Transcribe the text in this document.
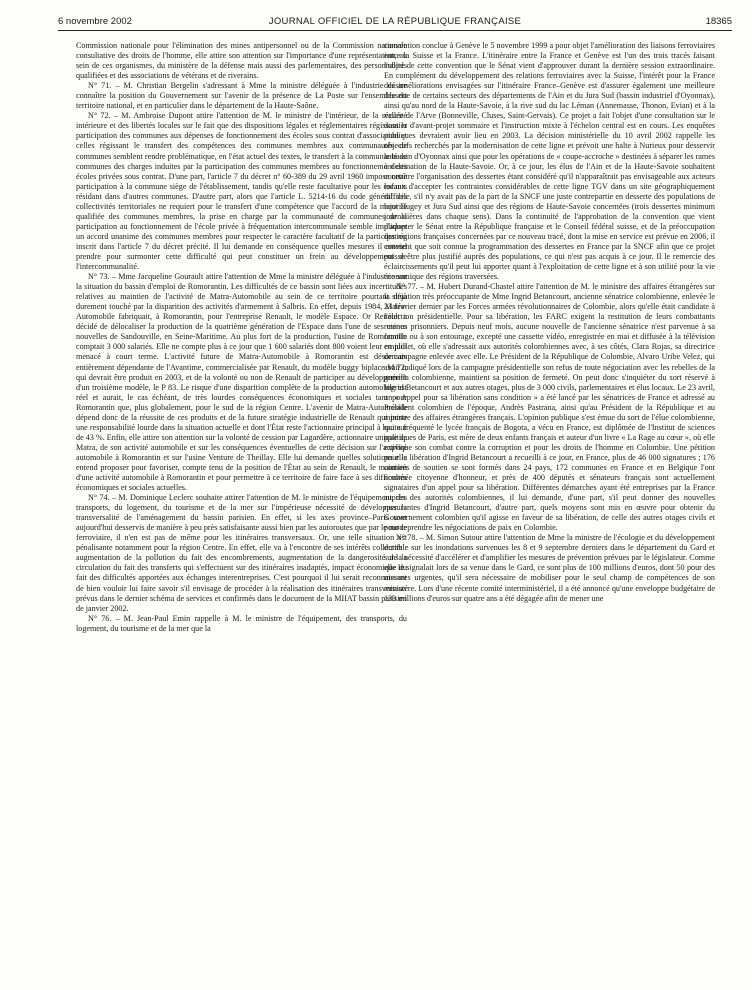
6 novembre 2002	JOURNAL OFFICIEL DE LA RÉPUBLIQUE FRANÇAISE	18365

Commission nationale pour l'élimination des mines antipersonnel ou de la Commission nationale consultative des droits de l'homme, elle attire son attention sur l'importance d'une représentation, au sein de ces organismes, du ministère de la défense mais aussi des parlementaires, des personnalités qualifiées et des associations de vétérans et de riverains.

N° 71. – M. Christian Bergelin s'adressant à Mme la ministre déléguée à l'industrie désire connaître la position du Gouvernement sur l'avenir de la présence de La Poste sur l'ensemble du territoire national, et en particulier dans le département de la Haute-Saône.

N° 72. – M. Ambroise Dupont attire l'attention de M. le ministre de l'intérieur, de la sécurité intérieure et des libertés locales sur le fait que des dispositions légales et réglementaires régissant la participation des communes aux dépenses de fonctionnement des écoles sous contrat d'association et celles régissant le transfert des compétences des communes membres aux communautés de communes semblent rendre problématique, en l'état actuel des textes, le transfert à la communauté de communes des charges induites par la participation des communes membres au fonctionnement des écoles privées sous contrat. D'une part, l'article 7 du décret n° 60-389 du 29 avril 1960 impose cette participation à la commune siège de l'établissement, tandis qu'elle reste facultative pour les enfants résidant dans d'autres communes. D'autre part, alors que l'article L. 5214-16 du code général des collectivités territoriales ne requiert pour le transfert d'une compétence que l'accord de la majorité qualifiée des communes membres, la prise en charge par la communauté de communes de la participation au fonctionnement de l'école privée à fréquentation intercommunale semble impliquer un accord unanime des communes membres pour respecter le caractère facultatif de la participation inscrit dans l'article 7 du décret précité. Il lui demande en conséquence quelles mesures il entend prendre pour surmonter cette difficulté qui peut constituer un frein au développement de l'intercommunalité.

N° 73. – Mme Jacqueline Gourault attire l'attention de Mme la ministre déléguée à l'industrie sur la situation du bassin d'emploi de Romorantin. Les difficultés de ce bassin sont liées aux incertitudes relatives au maintien de l'activité de Matra-Automobile au sein de ce territoire pourtant déjà durement touché par la disparition des activités d'armement à Salbris. En effet, depuis 1984, Matra-Automobile fabriquait, à Romorantin, pour l'entreprise Renault, le modèle Espace. Or Renault a décidé de délocaliser la production de la quatrième génération de l'Espace dans l'une de ses usines nouvelles de Sandouville, en Seine-Maritime. Au plus fort de la production, l'usine de Romorantin comptait 3 000 salariés. Elle ne compte plus à ce jour que 1 600 salariés dont 800 voient leur emploi menacé à court terme. L'activité future de Matra-Automobile à Romorantin est désormais entièrement dépendante de l'Avantime, commercialisée par Renault, du modèle buggy biplace M 72, qui devrait être produit en 2003, et de la volonté ou non de Renault de participer au développement d'un troisième modèle, le P 83. Le risque d'une disparition complète de la production automobile est réel et aurait, le cas échéant, de très lourdes conséquences économiques et sociales tant pour Romorantin que, plus globalement, pour le sud de la région Centre. L'avenir de Matra-Automobile dépend donc de la réussite de ces produits et de la future stratégie industrielle de Renault qui porte une responsabilité lourde dans la situation actuelle et dont l'État reste l'actionnaire principal à hauteur de 43 %. Enfin, elle attire son attention sur la volonté de cession par Lagardère, actionnaire unique de Matra, de son activité automobile et sur les conséquences éventuelles de cette décision sur l'activité automobile à Romorantin et sur l'usine Venture de Theillay. Elle lui demande quelles solutions elle entend proposer pour favoriser, compte tenu de la position de l'État au sein de Renault, le maintien d'une activité automobile à Romorantin et pour permettre à ce territoire de faire face à ses difficultés économiques et sociales actuelles.

N° 74. – M. Dominique Leclerc souhaite attirer l'attention de M. le ministre de l'équipement, des transports, du logement, du tourisme et de la mer sur l'impérieuse nécessité de développer la transversalité de l'aménagement du bassin parisien. En effet, si les axes province–Paris sont aujourd'hui desservis de manière à peu près satisfaisante aussi bien par les autoroutes que par le mode ferroviaire, il n'en est pas de même pour les itinéraires transversaux. Or, une telle situation est pénalisante notamment pour la région Centre. En effet, elle va à l'encontre de ses intérêts collectifs : augmentation de la pollution du fait des encombrements, augmentation de la dangerosité de la circulation du fait des transferts qui s'effectuent sur des itinéraires inadaptés, impact économique du fait des difficultés apportées aux échanges interentreprises. C'est pourquoi il lui serait reconnaissant de bien vouloir lui faire savoir s'il envisage de procéder à la réalisation des itinéraires transversaux prévus dans le dernier schéma de services et confirmés dans le document de la MIIAT bassin parisien de janvier 2002.

N° 76. – M. Jean-Paul Emin rappelle à M. le ministre de l'équipement, des transports, du logement, du tourisme et de la mer que la

convention conclue à Genève le 5 novembre 1999 a pour objet l'amélioration des liaisons ferroviaires entre la Suisse et la France. L'itinéraire entre la France et Genève est l'un des trois tracés faisant l'objet de cette convention que le Sénat vient d'approuver durant la dernière session extraordinaire. En complément du développement des relations ferroviaires avec la Suisse, l'intérêt pour la France des améliorations envisagées sur l'itinéraire France–Genève est d'assurer également une meilleure desserte de certains secteurs des départements de l'Ain et du Jura Sud (bassin industriel d'Oyonnax), ainsi qu'au nord de la Haute-Savoie, à la rive sud du lac Léman (Annemasse, Thonon, Evian) et à la vallée de l'Arve (Bonneville, Cluses, Saint-Gervais). Ce projet a fait l'objet d'une consultation sur le dossier d'avant-projet sommaire et l'instruction mixte à l'échelon central est en cours. Les enquêtes publiques devraient avoir lieu en 2003. La décision ministérielle du 10 avril 2002 rappelle les objectifs recherchés par la modernisation de cette ligne et prévoit une halte à Nurieux pour desservir le bassin d'Oyonnax ainsi que pour les opérations de « coupe-accroche » destinées à séparer les rames à destination de la Haute-Savoie. Or, à ce jour, les élus de l'Ain et de la Haute-Savoie souhaitent connaître l'organisation des dessertes étant considéré qu'il n'apparaîtrait pas envisageable aux acteurs locaux d'accepter les contraintes considérables de cette ligne TGV dans un site géographiquement difficile, s'il n'y avait pas de la part de la SNCF une juste contrepartie en desserte des populations de haut Bugey et Jura Sud ainsi que des régions de Haute-Savoie concernées (trois dessertes minimum journalières dans chaque sens). Dans la continuité de l'approbation de la convention que vient d'adopter le Sénat entre la République française et le Conseil fédéral suisse, et de la préoccupation des régions françaises concernées par ce nouveau tracé, dont la mise en service est prévue en 2006, il convient que soit connue la programmation des dessertes en France par la SNCF afin que ce projet puisse être plus justifié auprès des populations, ce qui n'est pas acquis à ce jour. Il le remercie des éclaircissements qu'il peut lui apporter quant à l'exploitation de cette ligne et à son utilité pour la vie économique des régions traversées.

N° 77. – M. Hubert Durand-Chastel attire l'attention de M. le ministre des affaires étrangères sur la situation très préoccupante de Mme Ingrid Betancourt, ancienne sénatrice colombienne, enlevée le 23 février dernier par les Forces armées révolutionnaires de Colombie, alors qu'elle était candidate à l'élection présidentielle. Pour sa libération, les FARC exigent la restitution de leurs combattants retenus prisonniers. Depuis neuf mois, aucune nouvelle de l'ancienne sénatrice n'est parvenue à sa famille ou à son entourage, excepté une cassette vidéo, enregistrée en mai et diffusée à la télévision en juillet, où elle s'adressait aux autorités colombiennes avec, à ses côtés, Clara Rojas, sa directrice de campagne enlevée avec elle. Le Président de la République de Colombie, Alvaro Uribe Velez, qui avait indiqué lors de la campagne présidentielle son refus de toute négociation avec les rebelles de la guérilla colombienne, maintient sa position de fermeté. On peut donc s'inquiéter du sort réservé à Ingrid Betancourt et aux autres otages, plus de 3 000 civils, parlementaires et élus locaux. Le 23 avril, un « Appel pour sa libération sans condition » a été lancé par les sénatrices de France et adressé au Président colombien de l'époque, Andrès Pastrana, ainsi qu'au Président de la République et au ministre des affaires étrangères français. L'opinion publique s'est émue du sort de l'élue colombienne, qui a fréquenté le lycée français de Bogota, a vécu en France, est diplômée de l'Institut de sciences politiques de Paris, est mère de deux enfants français et auteur d'un livre « La Rage au cœur », où elle explique son combat contre la corruption et pour les droits de l'homme en Colombie. Une pétition pour la libération d'Ingrid Betancourt a recueilli à ce jour, en France, plus de 46 000 signatures ; 176 comités de soutien se sont formés dans 24 pays, 172 communes en France et en Belgique l'ont nommée citoyenne d'honneur, et près de 400 députés et sénateurs français sont actuellement signataires d'un appel pour sa libération. Différentes démarches ayant été entreprises par la France auprès des autorités colombiennes, il lui demande, d'une part, s'il peut donner des nouvelles rassurantes d'Ingrid Betancourt, d'autre part, quels moyens sont mis en œuvre pour obtenir du Gouvernement colombien qu'il agisse en faveur de sa libération, de celle des autres otages civils et pour reprendre les négociations de paix en Colombie.

N° 78. – M. Simon Sutour attire l'attention de Mme la ministre de l'écologie et du développement durable sur les inondations survenues les 8 et 9 septembre derniers dans le département du Gard et sur la nécessité d'accélérer et d'amplifier les mesures de prévention prévues par le législateur. Comme elle le signalait lors de sa venue dans le Gard, ce sont plus de 100 millions d'euros, dont 50 pour des mesures urgentes, qu'il sera nécessaire de mobiliser pour le seul champ de compétences de son ministère. Lors d'une récente comité interministériel, il a été annoncé qu'une enveloppe budgétaire de 130 millions d'euros sur quatre ans a été dégagée afin de mener une
